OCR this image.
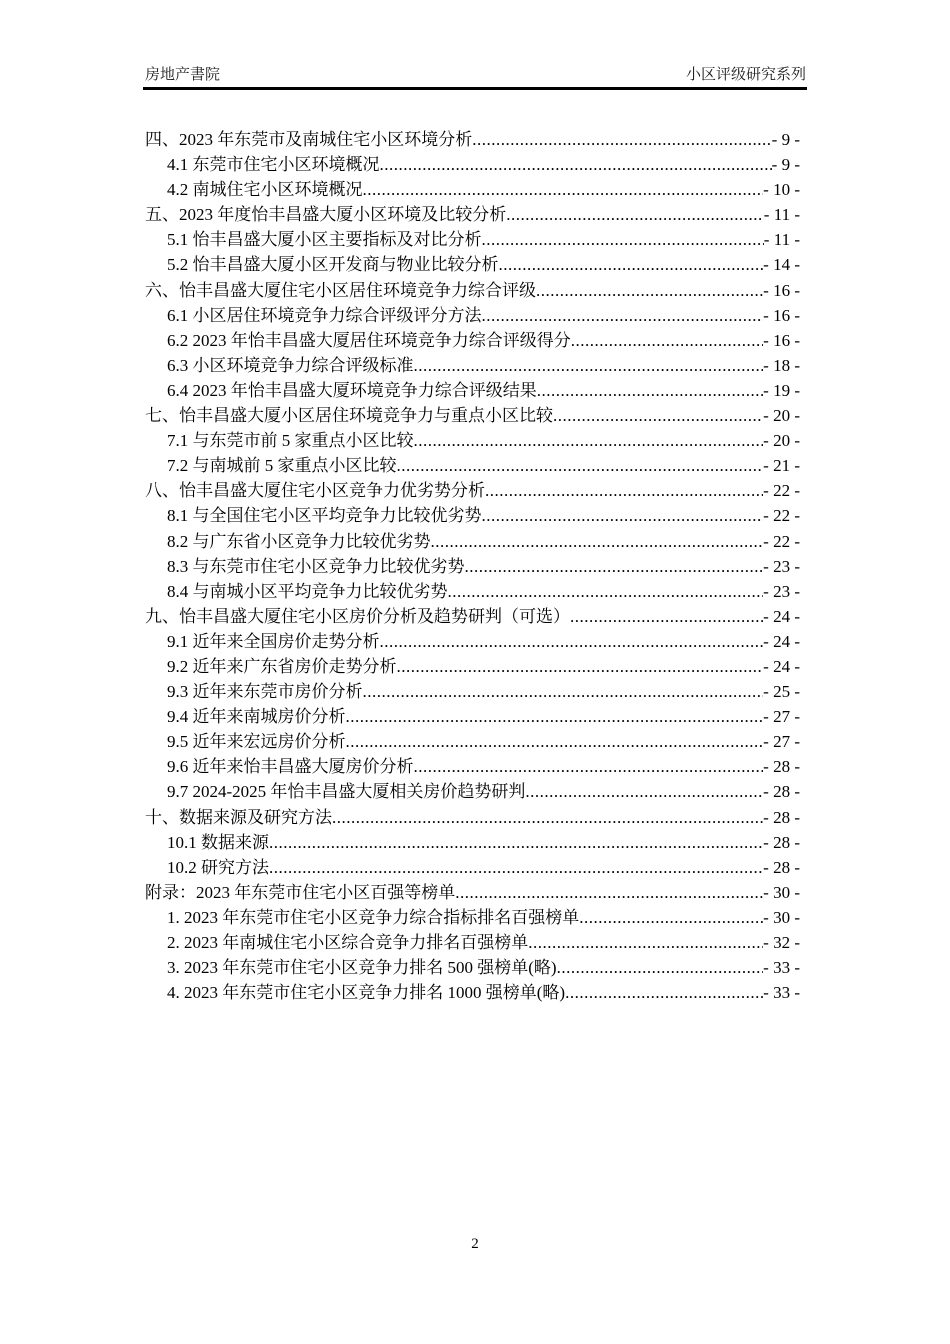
房地产書院	小区评级研究系列
四、2023 年东莞市及南城住宅小区环境分析 .....	- 9 -
4.1 东莞市住宅小区环境概况 .....	- 9 -
4.2 南城住宅小区环境概况 .....	- 10 -
五、2023 年度怡丰昌盛大厦小区环境及比较分析 .....	- 11 -
5.1 怡丰昌盛大厦小区主要指标及对比分析 .....	- 11 -
5.2 怡丰昌盛大厦小区开发商与物业比较分析 .....	- 14 -
六、怡丰昌盛大厦住宅小区居住环境竞争力综合评级 .....	- 16 -
6.1 小区居住环境竞争力综合评级评分方法 .....	- 16 -
6.2 2023 年怡丰昌盛大厦居住环境竞争力综合评级得分 .....	- 16 -
6.3 小区环境竞争力综合评级标准 .....	- 18 -
6.4 2023 年怡丰昌盛大厦环境竞争力综合评级结果 .....	- 19 -
七、怡丰昌盛大厦小区居住环境竞争力与重点小区比较 .....	- 20 -
7.1 与东莞市前 5 家重点小区比较 .....	- 20 -
7.2 与南城前 5 家重点小区比较 .....	- 21 -
八、怡丰昌盛大厦住宅小区竞争力优劣势分析 .....	- 22 -
8.1 与全国住宅小区平均竞争力比较优劣势 .....	- 22 -
8.2 与广东省小区竞争力比较优劣势 .....	- 22 -
8.3 与东莞市住宅小区竞争力比较优劣势 .....	- 23 -
8.4 与南城小区平均竞争力比较优劣势 .....	- 23 -
九、怡丰昌盛大厦住宅小区房价分析及趋势研判（可选） .....	- 24 -
9.1 近年来全国房价走势分析 .....	- 24 -
9.2 近年来广东省房价走势分析 .....	- 24 -
9.3 近年来东莞市房价分析 .....	- 25 -
9.4 近年来南城房价分析 .....	- 27 -
9.5 近年来宏远房价分析 .....	- 27 -
9.6 近年来怡丰昌盛大厦房价分析 .....	- 28 -
9.7 2024-2025 年怡丰昌盛大厦相关房价趋势研判 .....	- 28 -
十、数据来源及研究方法 .....	- 28 -
10.1 数据来源 .....	- 28 -
10.2 研究方法 .....	- 28 -
附录：2023 年东莞市住宅小区百强等榜单 .....	- 30 -
1. 2023 年东莞市住宅小区竞争力综合指标排名百强榜单 .....	- 30 -
2. 2023 年南城住宅小区综合竞争力排名百强榜单 .....	- 32 -
3. 2023 年东莞市住宅小区竞争力排名 500 强榜单(略) .....	- 33 -
4. 2023 年东莞市住宅小区竞争力排名 1000 强榜单(略) .....	- 33 -
2
